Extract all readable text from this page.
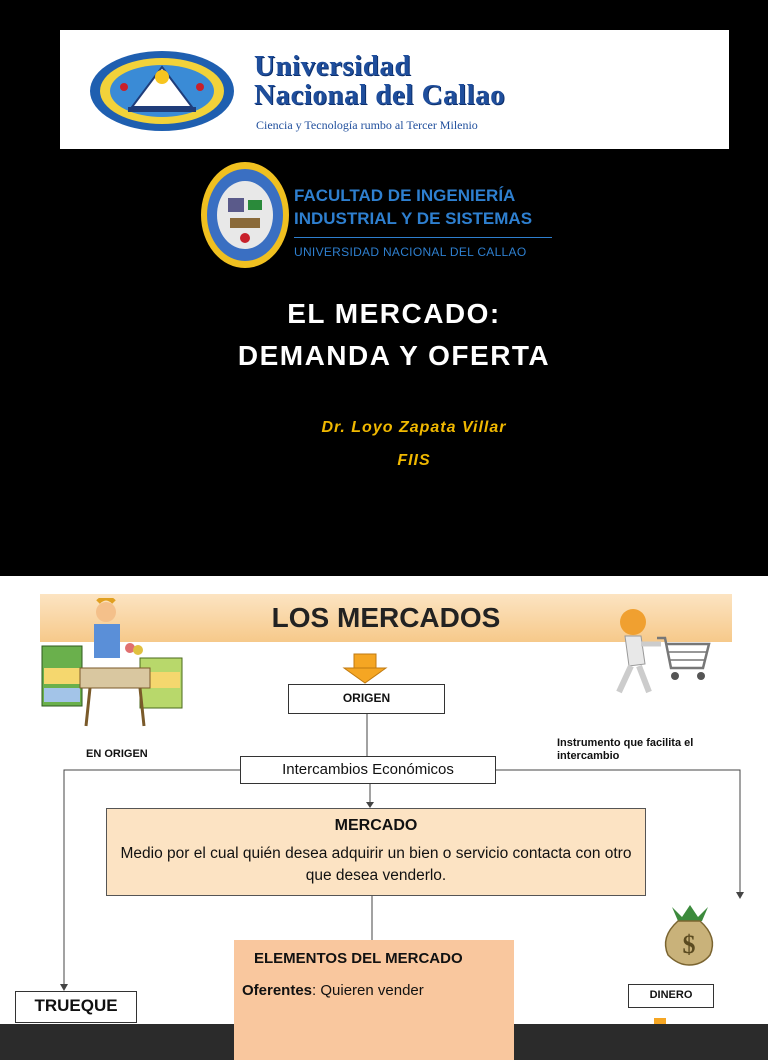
Universidad
Nacional del Callao
Ciencia y Tecnología rumbo al Tercer Milenio
FACULTAD DE INGENIERÍA
INDUSTRIAL Y DE SISTEMAS
UNIVERSIDAD NACIONAL DEL CALLAO
EL MERCADO:
DEMANDA Y OFERTA
Dr. Loyo Zapata Villar
FIIS
LOS MERCADOS
$
EN ORIGEN
Instrumento que facilita el intercambio
ORIGEN
Intercambios Económicos
MERCADO
Medio por el cual quién desea adquirir un bien o servicio contacta con otro que desea venderlo.
ELEMENTOS DEL MERCADO
Oferentes: Quieren vender
TRUEQUE
DINERO
